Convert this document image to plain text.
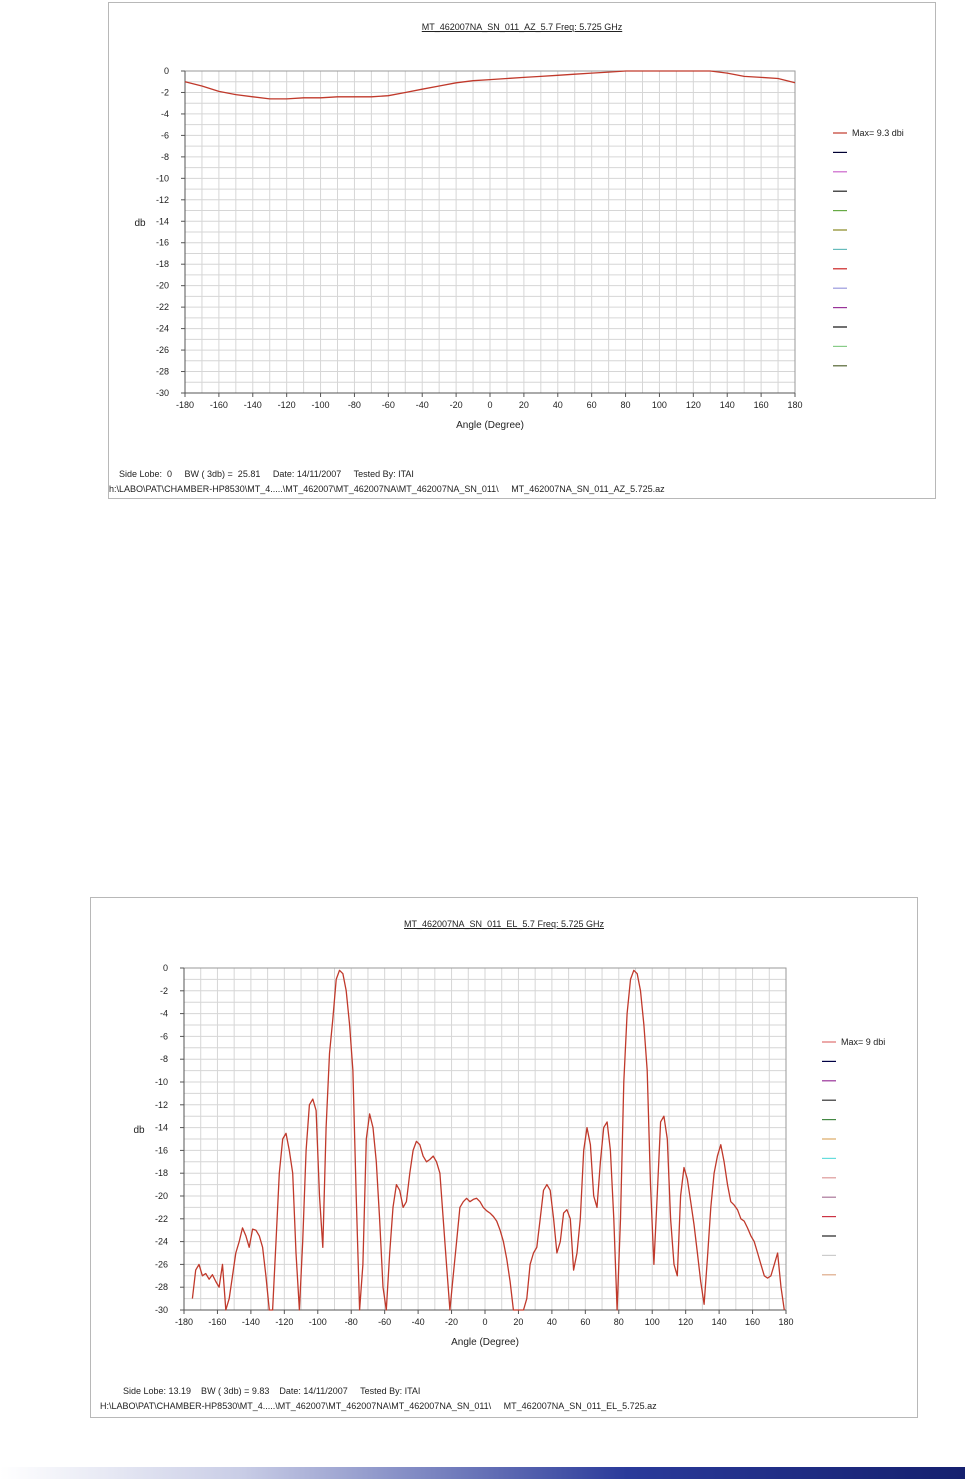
MT_462007NA_SN_011_AZ_5.7 Freq: 5.725 GHz
0
-2
-4
-6
-8
-10
-12
-14
-16
-18
-20
-22
-24
-26
-28
-30
-180 -160 -140 -120 -100 -80 -60 -40 -20	0	20	40	60	80 100 120 140 160 180
Angle (Degree)
db
Max= 9.3 dbi
Side Lobe:  0     BW ( 3db) =  25.81     Date: 14/11/2007     Tested By: ITAI
h:\LABO\PAT\CHAMBER-HP8530\MT_4.....\MT_462007\MT_462007NA\MT_462007NA_SN_011\     MT_462007NA_SN_011_AZ_5.725.az
MT_462007NA_SN_011_EL_5.7 Freq: 5.725 GHz
0
-2
-4
-6
-8
-10
-12
-14
-16
-18
-20
-22
-24
-26
-28
-30
-180 -160 -140 -120 -100 -80 -60 -40 -20	0	20	40	60	80 100 120 140 160 180
Angle (Degree)
db
Max= 9 dbi
Side Lobe: 13.19    BW ( 3db) = 9.83    Date: 14/11/2007     Tested By: ITAI
H:\LABO\PAT\CHAMBER-HP8530\MT_4.....\MT_462007\MT_462007NA\MT_462007NA_SN_011\     MT_462007NA_SN_011_EL_5.725.az
